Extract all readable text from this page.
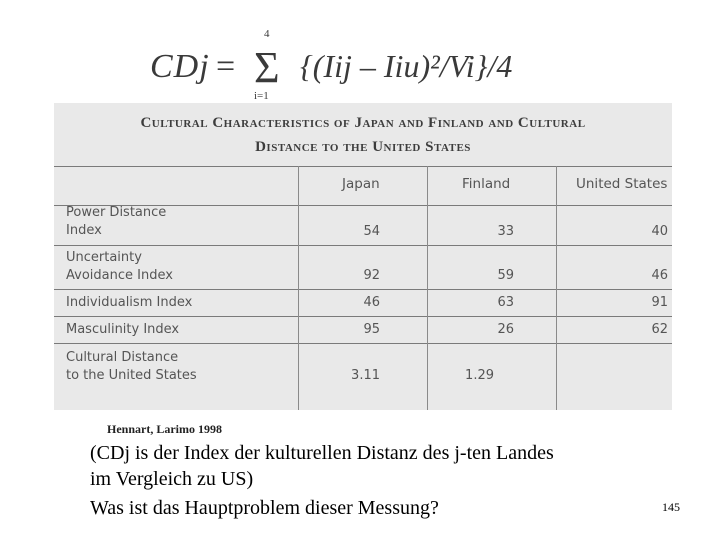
CDj =
4
Σ
i=1
{(Iij – Iiu)²/Vi}/4
Cultural Characteristics of Japan and Finland and Cultural
Distance to the United States
Japan	Finland	United States
Power Distance
Index	54	33	40
Uncertainty
Avoidance Index	92	59	46
Individualism Index	46	63	91
Masculinity Index	95	26	62
Cultural Distance
to the United States	3.11	1.29
Hennart, Larimo 1998
(CDj is der Index der kulturellen Distanz des j-ten Landes
im Vergleich zu US)
Was ist das Hauptproblem dieser Messung?	145
